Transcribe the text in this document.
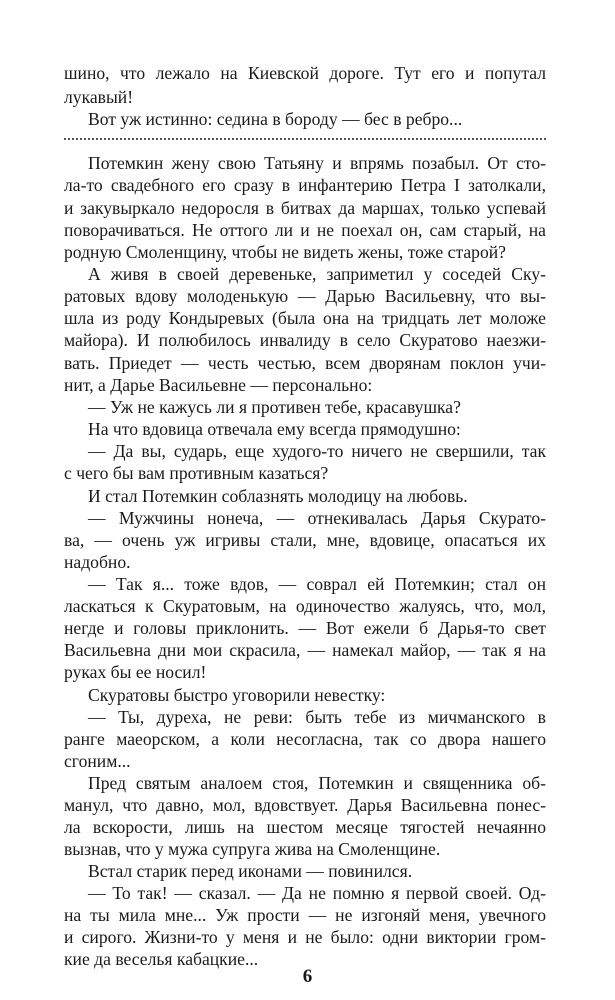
шино, что лежало на Киевской дороге. Тут его и попутал
лукавый!
Вот уж истинно: седина в бороду — бес в ребро...
Потемкин жену свою Татьяну и впрямь позабыл. От сто-
ла-то свадебного его сразу в инфантерию Петра I затолкали,
и закувыркало недоросля в битвах да маршах, только успевай
поворачиваться. Не оттого ли и не поехал он, сам старый, на
родную Смоленщину, чтобы не видеть жены, тоже старой?
А живя в своей деревеньке, заприметил у соседей Ску-
ратовых вдову молоденькую — Дарью Васильевну, что вы-
шла из роду Кондыревых (была она на тридцать лет моложе
майора). И полюбилось инвалиду в село Скуратово наезжи-
вать. Приедет — честь честью, всем дворянам поклон учи-
нит, а Дарье Васильевне — персонально:
— Уж не кажусь ли я противен тебе, красавушка?
На что вдовица отвечала ему всегда прямодушно:
— Да вы, сударь, еще худого-то ничего не свершили, так
с чего бы вам противным казаться?
И стал Потемкин соблазнять молодицу на любовь.
— Мужчины нонеча, — отнекивалась Дарья Скурато-
ва, — очень уж игривы стали, мне, вдовице, опасаться их
надобно.
— Так я... тоже вдов, — соврал ей Потемкин; стал он
ласкаться к Скуратовым, на одиночество жалуясь, что, мол,
негде и головы приклонить. — Вот ежели б Дарья-то свет
Васильевна дни мои скрасила, — намекал майор, — так я на
руках бы ее носил!
Скуратовы быстро уговорили невестку:
— Ты, дуреха, не реви: быть тебе из мичманского в
ранге маеорском, а коли несогласна, так со двора нашего
сгоним...
Пред святым аналоем стоя, Потемкин и священника об-
манул, что давно, мол, вдовствует. Дарья Васильевна понес-
ла вскорости, лишь на шестом месяце тягостей нечаянно
вызнав, что у мужа супруга жива на Смоленщине.
Встал старик перед иконами — повинился.
— То так! — сказал. — Да не помню я первой своей. Од-
на ты мила мне... Уж прости — не изгоняй меня, увечного
и сирого. Жизни-то у меня и не было: одни виктории гром-
кие да веселья кабацкие...
6
